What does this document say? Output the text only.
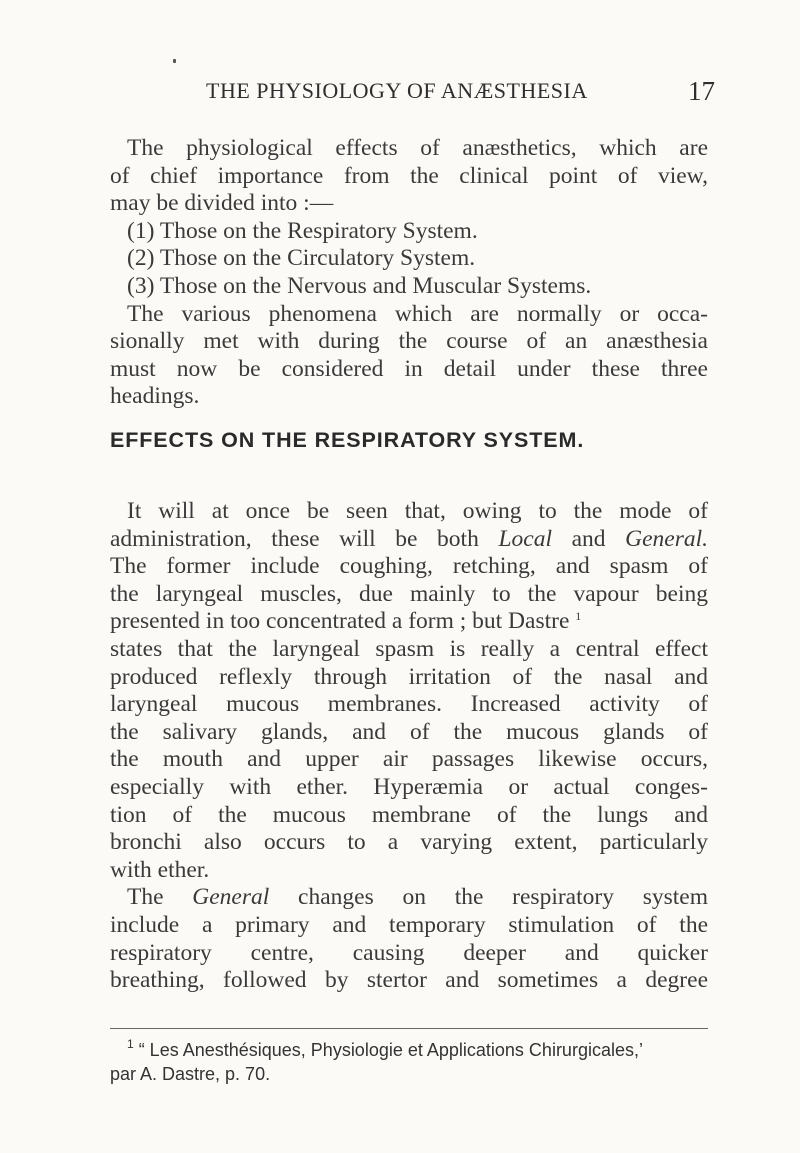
THE PHYSIOLOGY OF ANÆSTHESIA	17
The physiological effects of anæsthetics, which are
of chief importance from the clinical point of view,
may be divided into :—
(1) Those on the Respiratory System.
(2) Those on the Circulatory System.
(3) Those on the Nervous and Muscular Systems.
The various phenomena which are normally or occa-
sionally met with during the course of an anæsthesia
must now be considered in detail under these three
headings.
EFFECTS ON THE RESPIRATORY SYSTEM.
It will at once be seen that, owing to the mode of
administration, these will be both Local and General.
The former include coughing, retching, and spasm of
the laryngeal muscles, due mainly to the vapour being
presented in too concentrated a form ; but Dastre $^1$
states that the laryngeal spasm is really a central effect
produced reflexly through irritation of the nasal and
laryngeal mucous membranes. Increased activity of
the salivary glands, and of the mucous glands of
the mouth and upper air passages likewise occurs,
especially with ether. Hyperæmia or actual conges-
tion of the mucous membrane of the lungs and
bronchi also occurs to a varying extent, particularly
with ether.
The General changes on the respiratory system
include a primary and temporary stimulation of the
respiratory centre, causing deeper and quicker
breathing, followed by stertor and sometimes a degree
$^1$ “ Les Anesthésiques, Physiologie et Applications Chirurgicales,’
par A. Dastre, p. 70.
